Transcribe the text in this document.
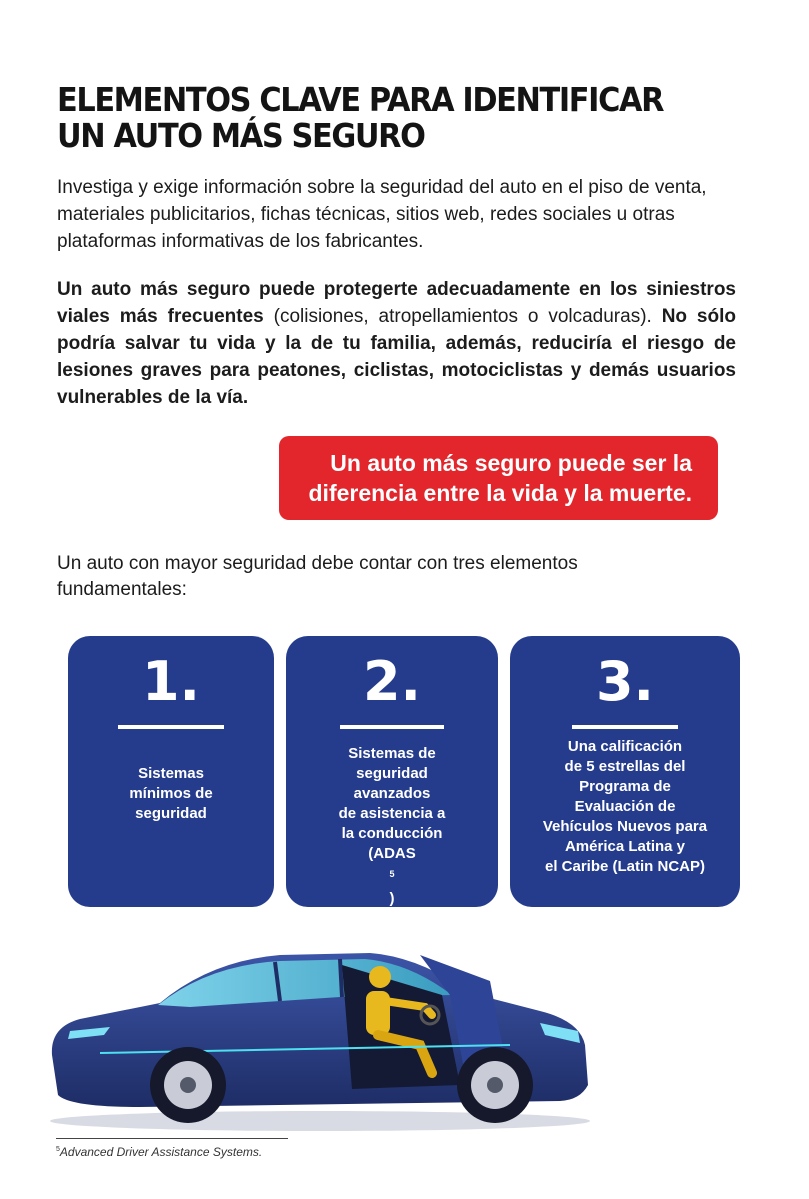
ELEMENTOS CLAVE PARA IDENTIFICAR
UN AUTO MÁS SEGURO

Investiga y exige información sobre la seguridad del auto en el piso de venta, materiales publicitarios, fichas técnicas, sitios web, redes sociales u otras plataformas informativas de los fabricantes.

Un auto más seguro puede protegerte adecuadamente en los siniestros viales más frecuentes (colisiones, atropellamientos o volcaduras). No sólo podría salvar tu vida y la de tu familia, además, reduciría el riesgo de lesiones graves para peatones, ciclistas, motociclistas y demás usuarios vulnerables de la vía.

Un auto más seguro puede ser la
diferencia entre la vida y la muerte.

Un auto con mayor seguridad debe contar con tres elementos
fundamentales:

1.

Sistemas
mínimos de
seguridad

2.

Sistemas de
seguridad
avanzados
de asistencia a
la conducción
(ADAS
$^5$
)

3.

Una calificación
de 5 estrellas del
Programa de
Evaluación de
Vehículos Nuevos para
América Latina y
el Caribe (Latin NCAP)

$^5$Advanced Driver Assistance Systems.
